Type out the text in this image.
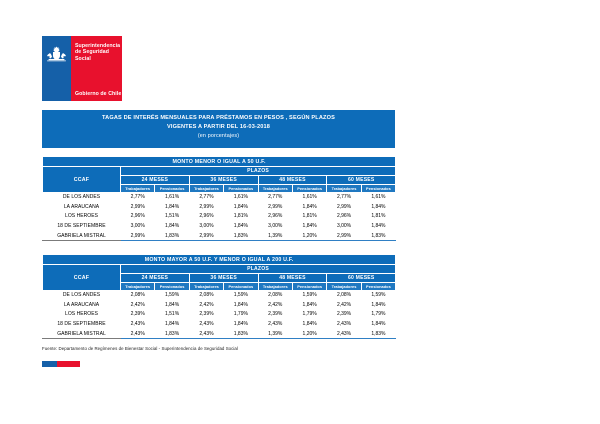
Superintendencia
de Seguridad
Social
Gobierno de Chile
TAGAS DE INTERÉS MENSUALES PARA PRÉSTAMOS EN PESOS , SEGÚN PLAZOS
VIGENTES A PARTIR DEL 16-03-2018
(en porcentajes)
MONTO MENOR O IGUAL A 50 U.F.								
CCAF	PLAZOS							
	24 MESES		36 MESES		48 MESES		60 MESES	
	Trabajadores	Pensionados	Trabajadores	Pensionados	Trabajadores	Pensionados	Trabajadores	Pensionados
DE LOS ANDES	2,77%	1,61%	2,77%	1,61%	2,77%	1,61%	2,77%	1,61%
LA ARAUCANA	2,99%	1,84%	2,99%	1,84%	2,99%	1,84%	2,99%	1,84%
LOS HEROES	2,96%	1,51%	2,96%	1,81%	2,96%	1,81%	2,96%	1,81%
18 DE SEPTIEMBRE	3,00%	1,84%	3,00%	1,84%	3,00%	1,84%	3,00%	1,84%
GABRIELA MISTRAL	2,99%	1,83%	2,99%	1,83%	1,39%	1,20%	2,99%	1,83%
MONTO MAYOR A 50 U.F. Y MENOR O IGUAL A 200 U.F.								
CCAF	PLAZOS							
	24 MESES		36 MESES		48 MESES		60 MESES	
	Trabajadores	Pensionados	Trabajadores	Pensionados	Trabajadores	Pensionados	Trabajadores	Pensionados
DE LOS ANDES	2,08%	1,59%	2,08%	1,59%	2,08%	1,59%	2,08%	1,59%
LA ARAUCANA	2,42%	1,84%	2,42%	1,84%	2,42%	1,84%	2,42%	1,84%
LOS HEROES	2,39%	1,51%	2,39%	1,79%	2,39%	1,79%	2,39%	1,79%
18 DE SEPTIEMBRE	2,43%	1,84%	2,43%	1,84%	2,43%	1,84%	2,43%	1,84%
GABRIELA MISTRAL	2,43%	1,83%	2,43%	1,83%	1,39%	1,20%	2,43%	1,83%
Fuente: Departamento de Regímenes de Bienestar Social - Superintendencia de Seguridad Social
